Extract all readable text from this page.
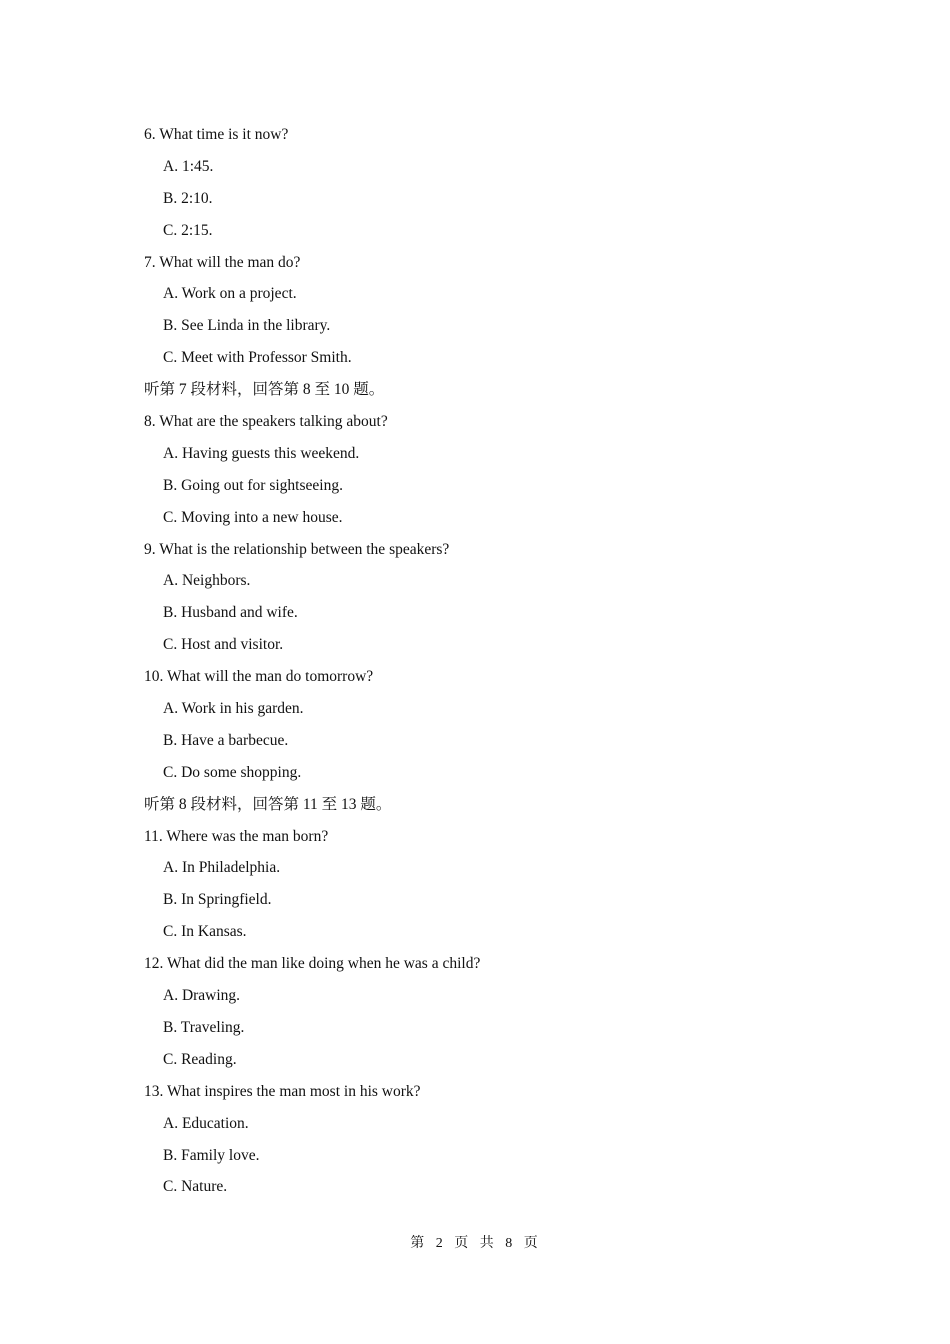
6. What time is it now?
A. 1:45.
B. 2:10.
C. 2:15.
7. What will the man do?
A. Work on a project.
B. See Linda in the library.
C. Meet with Professor Smith.
听第 7 段材料，回答第 8 至 10 题。
8. What are the speakers talking about?
A. Having guests this weekend.
B. Going out for sightseeing.
C. Moving into a new house.
9. What is the relationship between the speakers?
A. Neighbors.
B. Husband and wife.
C. Host and visitor.
10. What will the man do tomorrow?
A. Work in his garden.
B. Have a barbecue.
C. Do some shopping.
听第 8 段材料，回答第 11 至 13 题。
11. Where was the man born?
A. In Philadelphia.
B. In Springfield.
C. In Kansas.
12. What did the man like doing when he was a child?
A. Drawing.
B. Traveling.
C. Reading.
13. What inspires the man most in his work?
A. Education.
B. Family love.
C. Nature.
第 2 页 共 8 页
